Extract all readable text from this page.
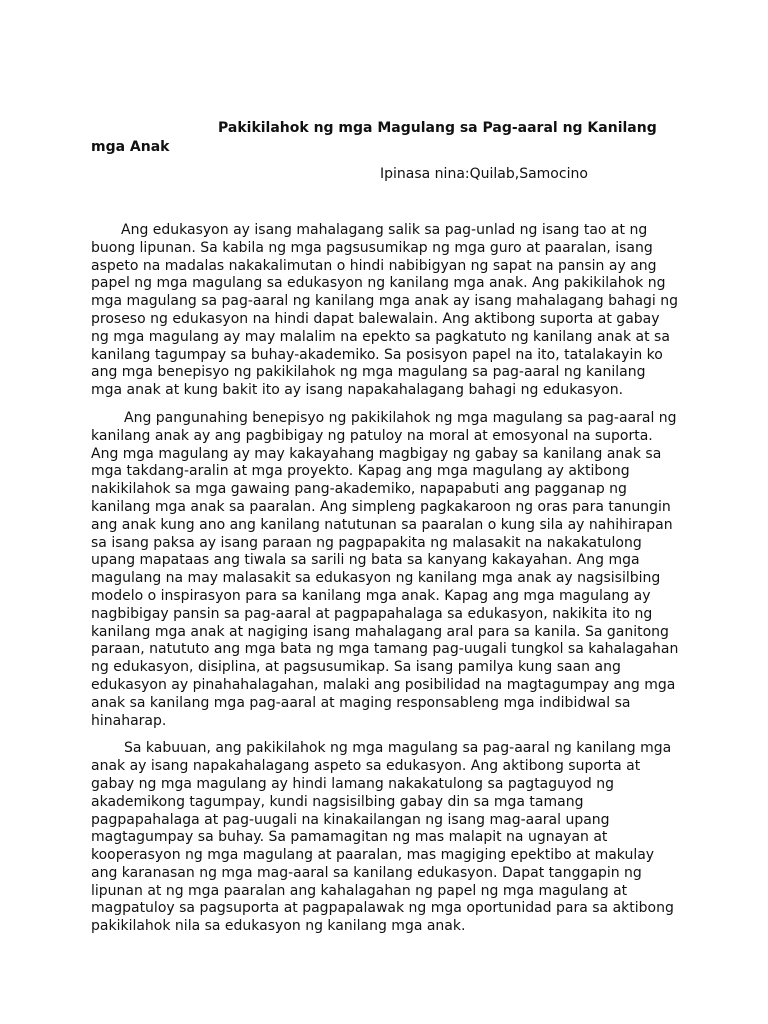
Pakikilahok ng mga Magulang sa Pag-aaral ng Kanilang mga Anak

Ipinasa nina:Quilab,Samocino

Ang edukasyon ay isang mahalagang salik sa pag-unlad ng isang tao at ng buong lipunan. Sa kabila ng mga pagsusumikap ng mga guro at paaralan, isang aspeto na madalas nakakalimutan o hindi nabibigyan ng sapat na pansin ay ang papel ng mga magulang sa edukasyon ng kanilang mga anak. Ang pakikilahok ng mga magulang sa pag-aaral ng kanilang mga anak ay isang mahalagang bahagi ng proseso ng edukasyon na hindi dapat balewalain. Ang aktibong suporta at gabay ng mga magulang ay may malalim na epekto sa pagkatuto ng kanilang anak at sa kanilang tagumpay sa buhay-akademiko. Sa posisyon papel na ito, tatalakayin ko ang mga benepisyo ng pakikilahok ng mga magulang sa pag-aaral ng kanilang mga anak at kung bakit ito ay isang napakahalagang bahagi ng edukasyon.

Ang pangunahing benepisyo ng pakikilahok ng mga magulang sa pag-aaral ng kanilang anak ay ang pagbibigay ng patuloy na moral at emosyonal na suporta. Ang mga magulang ay may kakayahang magbigay ng gabay sa kanilang anak sa mga takdang-aralin at mga proyekto. Kapag ang mga magulang ay aktibong nakikilahok sa mga gawaing pang-akademiko, napapabuti ang pagganap ng kanilang mga anak sa paaralan. Ang simpleng pagkakaroon ng oras para tanungin ang anak kung ano ang kanilang natutunan sa paaralan o kung sila ay nahihirapan sa isang paksa ay isang paraan ng pagpapakita ng malasakit na nakakatulong upang mapataas ang tiwala sa sarili ng bata sa kanyang kakayahan. Ang mga magulang na may malasakit sa edukasyon ng kanilang mga anak ay nagsisilbing modelo o inspirasyon para sa kanilang mga anak. Kapag ang mga magulang ay nagbibigay pansin sa pag-aaral at pagpapahalaga sa edukasyon, nakikita ito ng kanilang mga anak at nagiging isang mahalagang aral para sa kanila. Sa ganitong paraan, natututo ang mga bata ng mga tamang pag-uugali tungkol sa kahalagahan ng edukasyon, disiplina, at pagsusumikap. Sa isang pamilya kung saan ang edukasyon ay pinahahalagahan, malaki ang posibilidad na magtagumpay ang mga anak sa kanilang mga pag-aaral at maging responsableng mga indibidwal sa hinaharap.

Sa kabuuan, ang pakikilahok ng mga magulang sa pag-aaral ng kanilang mga anak ay isang napakahalagang aspeto sa edukasyon. Ang aktibong suporta at gabay ng mga magulang ay hindi lamang nakakatulong sa pagtaguyod ng akademikong tagumpay, kundi nagsisilbing gabay din sa mga tamang pagpapahalaga at pag-uugali na kinakailangan ng isang mag-aaral upang magtagumpay sa buhay. Sa pamamagitan ng mas malapit na ugnayan at kooperasyon ng mga magulang at paaralan, mas magiging epektibo at makulay ang karanasan ng mga mag-aaral sa kanilang edukasyon. Dapat tanggapin ng lipunan at ng mga paaralan ang kahalagahan ng papel ng mga magulang at magpatuloy sa pagsuporta at pagpapalawak ng mga oportunidad para sa aktibong pakikilahok nila sa edukasyon ng kanilang mga anak.
